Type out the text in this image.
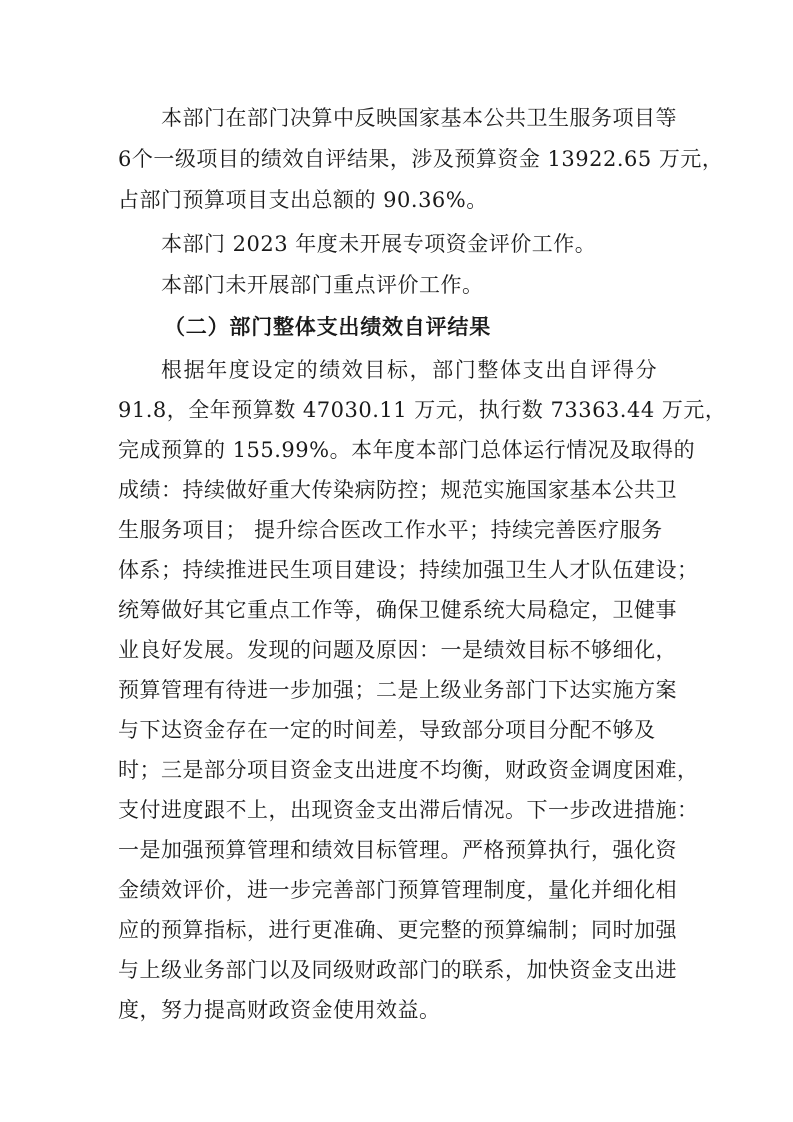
本部门在部门决算中反映国家基本公共卫生服务项目等
6个一级项目的绩效自评结果，涉及预算资金 13922.65 万元，
占部门预算项目支出总额的 90.36%。
本部门 2023 年度未开展专项资金评价工作。
本部门未开展部门重点评价工作。
（二）部门整体支出绩效自评结果
根据年度设定的绩效目标，部门整体支出自评得分
91.8，全年预算数 47030.11 万元，执行数 73363.44 万元，
完成预算的 155.99%。本年度本部门总体运行情况及取得的
成绩：持续做好重大传染病防控；规范实施国家基本公共卫
生服务项目； 提升综合医改工作水平；持续完善医疗服务
体系；持续推进民生项目建设；持续加强卫生人才队伍建设；
统筹做好其它重点工作等，确保卫健系统大局稳定，卫健事
业良好发展。发现的问题及原因：一是绩效目标不够细化，
预算管理有待进一步加强；二是上级业务部门下达实施方案
与下达资金存在一定的时间差，导致部分项目分配不够及
时；三是部分项目资金支出进度不均衡，财政资金调度困难，
支付进度跟不上，出现资金支出滞后情况。下一步改进措施：
一是加强预算管理和绩效目标管理。严格预算执行，强化资
金绩效评价，进一步完善部门预算管理制度，量化并细化相
应的预算指标，进行更准确、更完整的预算编制；同时加强
与上级业务部门以及同级财政部门的联系，加快资金支出进
度，努力提高财政资金使用效益。
